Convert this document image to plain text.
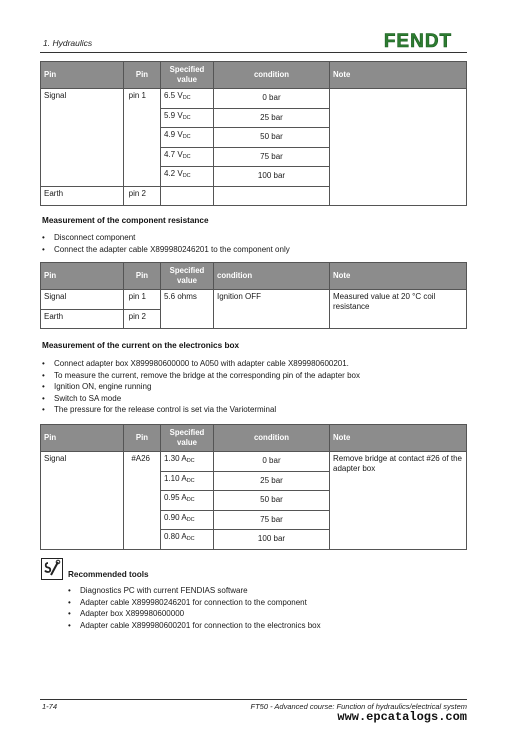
1. Hydraulics	FENDT
Pin	Pin	Specified value	condition	Note
Signal	pin 1	6.5 VDC	0 bar	
		5.9 VDC	25 bar	
		4.9 VDC	50 bar	
		4.7 VDC	75 bar	
		4.2 VDC	100 bar	
Earth	pin 2			
Measurement of the component resistance
• Disconnect component
• Connect the adapter cable X899980246201 to the component only
Pin	Pin	Specified value	condition	Note
Signal	pin 1	5.6 ohms	Ignition OFF	Measured value at 20 °C coil resistance
Earth	pin 2			
Measurement of the current on the electronics box
• Connect adapter box X899980600000 to A050 with adapter cable X899980600201.
• To measure the current, remove the bridge at the corresponding pin of the adapter box
• Ignition ON, engine running
• Switch to SA mode
• The pressure for the release control is set via the Varioterminal
Pin	Pin	Specified value	condition	Note
Signal	#A26	1.30 ADC	0 bar	Remove bridge at contact #26 of the adapter box
		1.10 ADC	25 bar	
		0.95 ADC	50 bar	
		0.90 ADC	75 bar	
		0.80 ADC	100 bar	
Recommended tools
• Diagnostics PC with current FENDIAS software
• Adapter cable X899980246201 for connection to the component
• Adapter box X899980600000
• Adapter cable X899980600201 for connection to the electronics box
1-74	FT50 - Advanced course: Function of hydraulics/electrical system
www.epcatalogs.com
